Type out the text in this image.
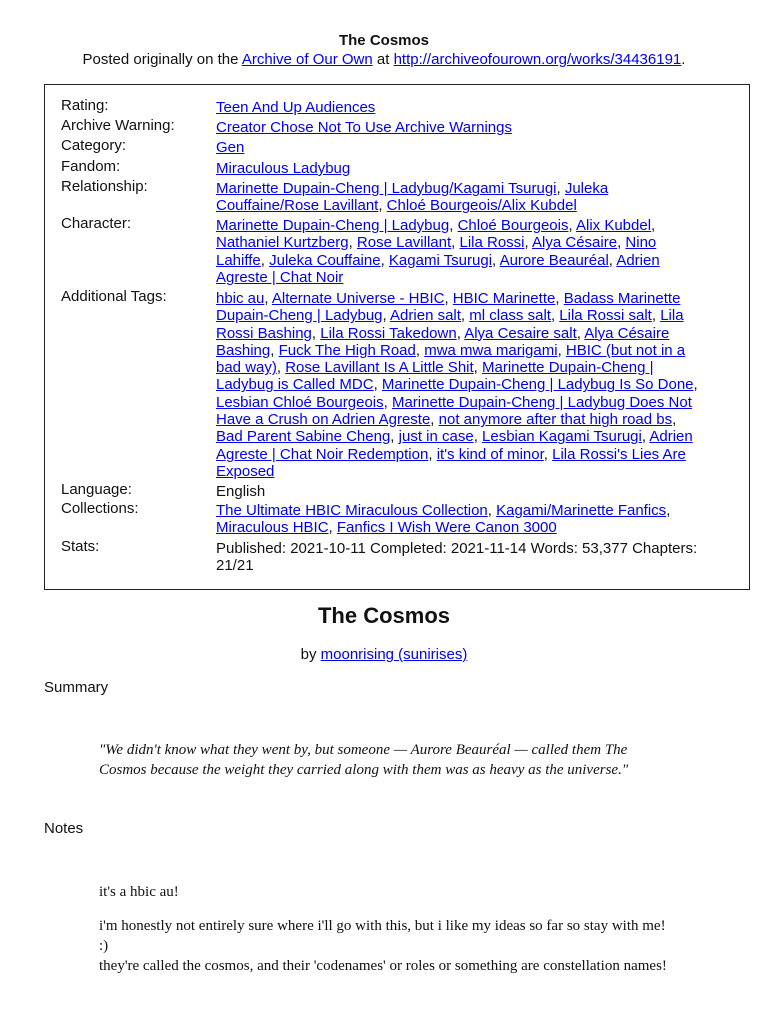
The Cosmos
Posted originally on the Archive of Our Own at http://archiveofourown.org/works/34436191.
Rating:	Teen And Up Audiences
Archive Warning:	Creator Chose Not To Use Archive Warnings
Category:	Gen
Fandom:	Miraculous Ladybug
Relationship:	Marinette Dupain-Cheng | Ladybug/Kagami Tsurugi, Juleka Couffaine/Rose Lavillant, Chloé Bourgeois/Alix Kubdel
Character:	Marinette Dupain-Cheng | Ladybug, Chloé Bourgeois, Alix Kubdel, Nathaniel Kurtzberg, Rose Lavillant, Lila Rossi, Alya Césaire, Nino Lahiffe, Juleka Couffaine, Kagami Tsurugi, Aurore Beauréal, Adrien Agreste | Chat Noir
Additional Tags:	hbic au, Alternate Universe - HBIC, HBIC Marinette, Badass Marinette Dupain-Cheng | Ladybug, Adrien salt, ml class salt, Lila Rossi salt, Lila Rossi Bashing, Lila Rossi Takedown, Alya Cesaire salt, Alya Césaire Bashing, Fuck The High Road, mwa mwa marigami, HBIC (but not in a bad way), Rose Lavillant Is A Little Shit, Marinette Dupain-Cheng | Ladybug is Called MDC, Marinette Dupain-Cheng | Ladybug Is So Done, Lesbian Chloé Bourgeois, Marinette Dupain-Cheng | Ladybug Does Not Have a Crush on Adrien Agreste, not anymore after that high road bs, Bad Parent Sabine Cheng, just in case, Lesbian Kagami Tsurugi, Adrien Agreste | Chat Noir Redemption, it's kind of minor, Lila Rossi's Lies Are Exposed
Language:	English
Collections:	The Ultimate HBIC Miraculous Collection, Kagami/Marinette Fanfics, Miraculous HBIC, Fanfics I Wish Were Canon 3000
Stats:	Published: 2021-10-11 Completed: 2021-11-14 Words: 53,377 Chapters: 21/21
The Cosmos
by moonrising (sunirises)
Summary
"We didn't know what they went by, but someone — Aurore Beauréal — called them The Cosmos because the weight they carried along with them was as heavy as the universe."
Notes

it's a hbic au!

i'm honestly not entirely sure where i'll go with this, but i like my ideas so far so stay with me! :)

they're called the cosmos, and their 'codenames' or roles or something are constellation names!
